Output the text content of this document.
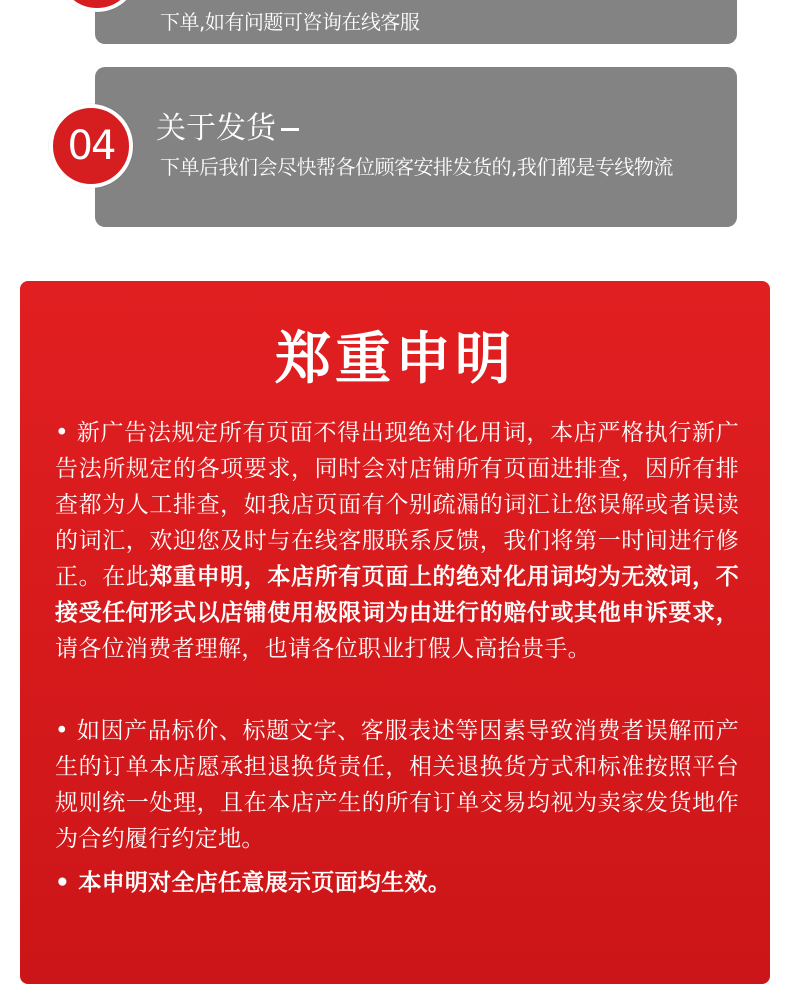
下单,如有问题可咨询在线客服
关于发货
下单后我们会尽快帮各位顾客安排发货的,我们都是专线物流
04
郑重申明
• 新广告法规定所有页面不得出现绝对化用词，本店严格执行新广告法所规定的各项要求，同时会对店铺所有页面进排查，因所有排查都为人工排查，如我店页面有个别疏漏的词汇让您误解或者误读的词汇，欢迎您及时与在线客服联系反馈，我们将第一时间进行修正。在此郑重申明，本店所有页面上的绝对化用词均为无效词，不接受任何形式以店铺使用极限词为由进行的赔付或其他申诉要求，请各位消费者理解，也请各位职业打假人高抬贵手。
• 如因产品标价、标题文字、客服表述等因素导致消费者误解而产生的订单本店愿承担退换货责任，相关退换货方式和标准按照平台规则统一处理，且在本店产生的所有订单交易均视为卖家发货地作为合约履行约定地。
• 本申明对全店任意展示页面均生效。
